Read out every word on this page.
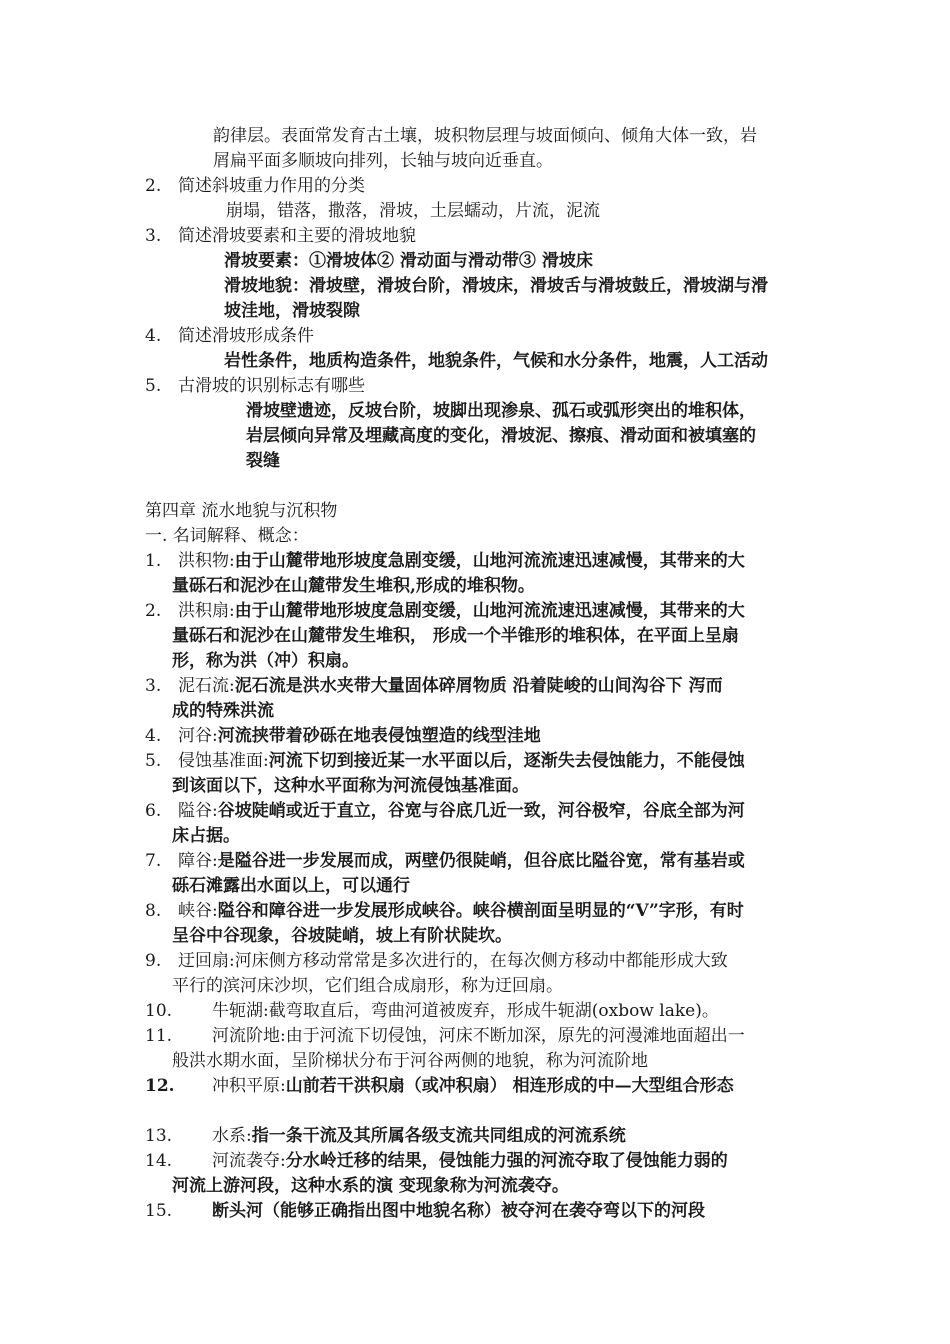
韵律层。表面常发育古土壤，坡积物层理与坡面倾向、倾角大体一致，岩
屑扁平面多顺坡向排列，长轴与坡向近垂直。
2. 简述斜坡重力作用的分类
崩塌，错落，撒落，滑坡，土层蠕动，片流，泥流
3. 简述滑坡要素和主要的滑坡地貌
滑坡要素：①滑坡体② 滑动面与滑动带③ 滑坡床
滑坡地貌：滑坡壁，滑坡台阶，滑坡床，滑坡舌与滑坡鼓丘，滑坡湖与滑
坡洼地，滑坡裂隙
4. 简述滑坡形成条件
岩性条件，地质构造条件，地貌条件，气候和水分条件，地震，人工活动
5. 古滑坡的识别标志有哪些
滑坡壁遗迹，反坡台阶，坡脚出现渗泉、孤石或弧形突出的堆积体，
岩层倾向异常及埋藏高度的变化，滑坡泥、擦痕、滑动面和被填塞的
裂缝
第四章 流水地貌与沉积物
一. 名词解释、概念：
1. 洪积物:由于山麓带地形坡度急剧变缓，山地河流流速迅速减慢，其带来的大
量砾石和泥沙在山麓带发生堆积,形成的堆积物。
2. 洪积扇:由于山麓带地形坡度急剧变缓，山地河流流速迅速减慢，其带来的大
量砾石和泥沙在山麓带发生堆积， 形成一个半锥形的堆积体，在平面上呈扇
形，称为洪（冲）积扇。
3. 泥石流:泥石流是洪水夹带大量固体碎屑物质 沿着陡峻的山间沟谷下 泻而
成的特殊洪流
4. 河谷:河流挟带着砂砾在地表侵蚀塑造的线型洼地
5. 侵蚀基准面:河流下切到接近某一水平面以后，逐渐失去侵蚀能力，不能侵蚀
到该面以下，这种水平面称为河流侵蚀基准面。
6. 隘谷:谷坡陡峭或近于直立，谷宽与谷底几近一致，河谷极窄，谷底全部为河
床占据。
7. 障谷:是隘谷进一步发展而成，两壁仍很陡峭，但谷底比隘谷宽，常有基岩或
砾石滩露出水面以上，可以通行
8. 峡谷:隘谷和障谷进一步发展形成峡谷。峡谷横剖面呈明显的“V”字形，有时
呈谷中谷现象，谷坡陡峭，坡上有阶状陡坎。
9. 迂回扇:河床侧方移动常常是多次进行的，在每次侧方移动中都能形成大致
平行的滨河床沙坝，它们组合成扇形，称为迂回扇。
10. 牛轭湖:截弯取直后，弯曲河道被废弃，形成牛轭湖(oxbow lake)。
11. 河流阶地:由于河流下切侵蚀，河床不断加深，原先的河漫滩地面超出一
般洪水期水面，呈阶梯状分布于河谷两侧的地貌，称为河流阶地
12. 冲积平原:山前若干洪积扇（或冲积扇） 相连形成的中—大型组合形态
13. 水系:指一条干流及其所属各级支流共同组成的河流系统
14. 河流袭夺:分水岭迁移的结果，侵蚀能力强的河流夺取了侵蚀能力弱的
河流上游河段，这种水系的演 变现象称为河流袭夺。
15. 断头河（能够正确指出图中地貌名称）被夺河在袭夺弯以下的河段
